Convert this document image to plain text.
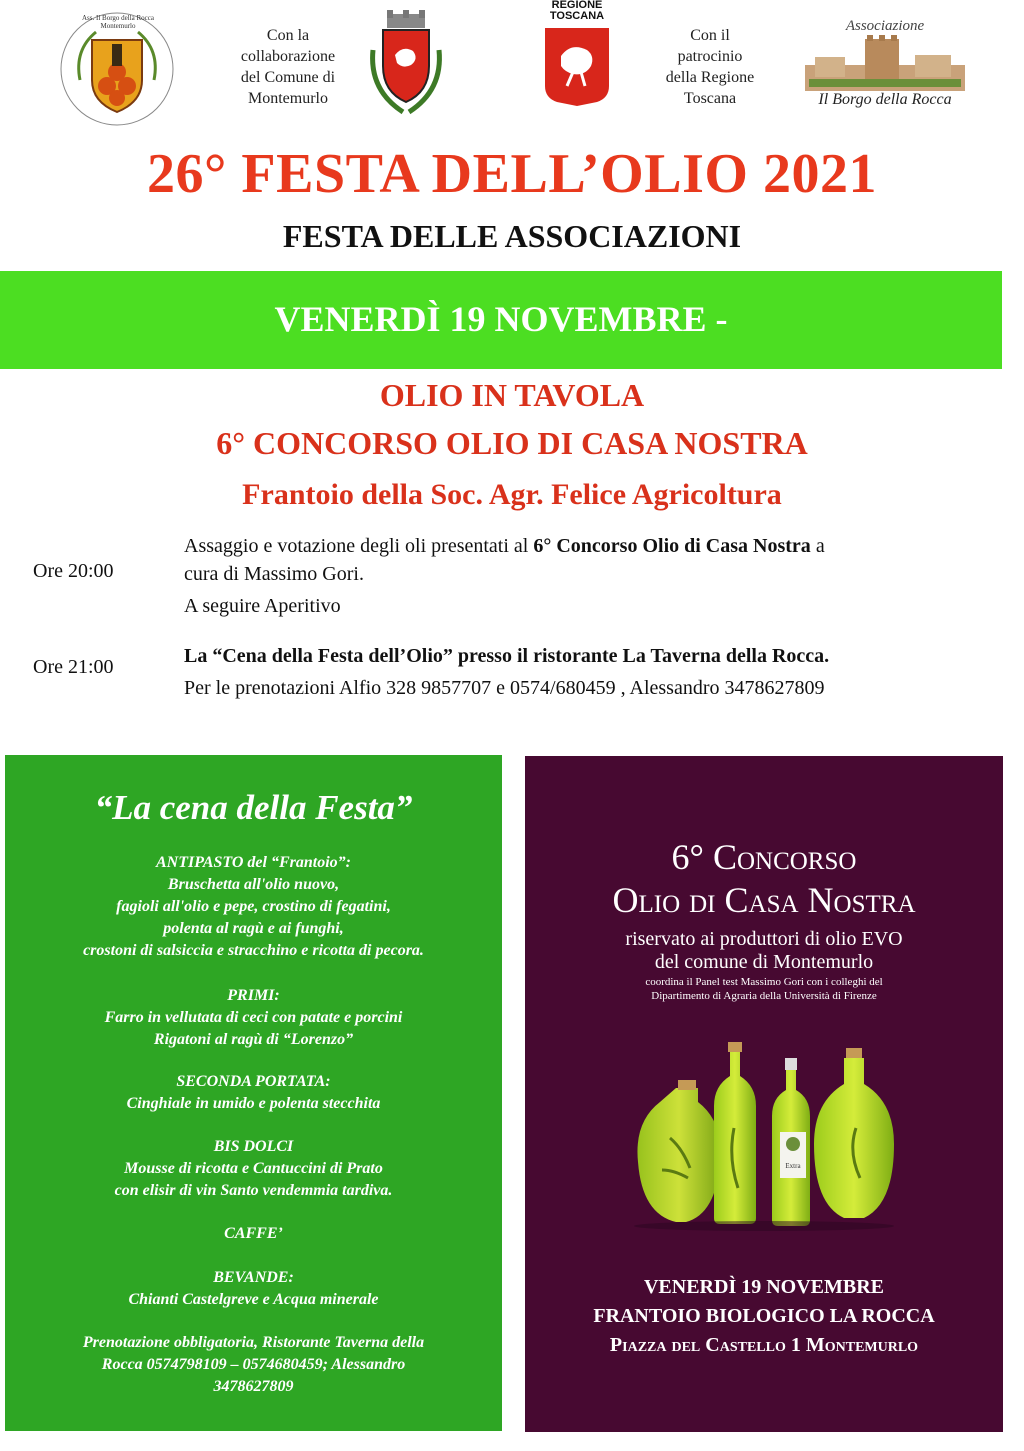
Ass. Il Borgo della Rocca Montemurlo
Con la
collaborazione
del Comune di
Montemurlo
REGIONE TOSCANA
Con il
patrocinio
della Regione
Toscana
Associazione
Il Borgo della Rocca
26° FESTA DELL’OLIO 2021
FESTA DELLE ASSOCIAZIONI
VENERDÌ 19 NOVEMBRE -
OLIO IN TAVOLA
6° CONCORSO OLIO DI CASA NOSTRA
Frantoio della Soc. Agr. Felice Agricoltura
Ore 20:00
Assaggio e votazione degli oli presentati al 6° Concorso Olio di Casa Nostra a
cura di Massimo Gori.
A seguire Aperitivo
Ore 21:00	La “Cena della Festa dell’Olio” presso il ristorante La Taverna della Rocca.
Per le prenotazioni Alfio 328 9857707 e 0574/680459 , Alessandro 3478627809
“La cena della Festa”
ANTIPASTO del “Frantoio”:
Bruschetta all'olio nuovo,
fagioli all'olio e pepe, crostino di fegatini,
polenta al ragù e ai funghi,
crostoni di salsiccia e stracchino e ricotta di pecora.
PRIMI:
Farro in vellutata di ceci con patate e porcini
Rigatoni al ragù di “Lorenzo”
SECONDA PORTATA:
Cinghiale in umido e polenta stecchita
BIS DOLCI
Mousse di ricotta e Cantuccini di Prato
con elisir di vin Santo vendemmia tardiva.
CAFFE’
BEVANDE:
Chianti Castelgreve e Acqua minerale
Prenotazione obbligatoria, Ristorante Taverna della
Rocca 0574798109 – 0574680459; Alessandro
3478627809
6° Concorso
Olio di Casa Nostra
riservato ai produttori di olio EVO
del comune di Montemurlo
coordina il Panel test Massimo Gori con i colleghi del
Dipartimento di Agraria della Università di Firenze
Extra
VENERDÌ 19 NOVEMBRE
FRANTOIO BIOLOGICO LA ROCCA
Piazza del Castello 1 Montemurlo
